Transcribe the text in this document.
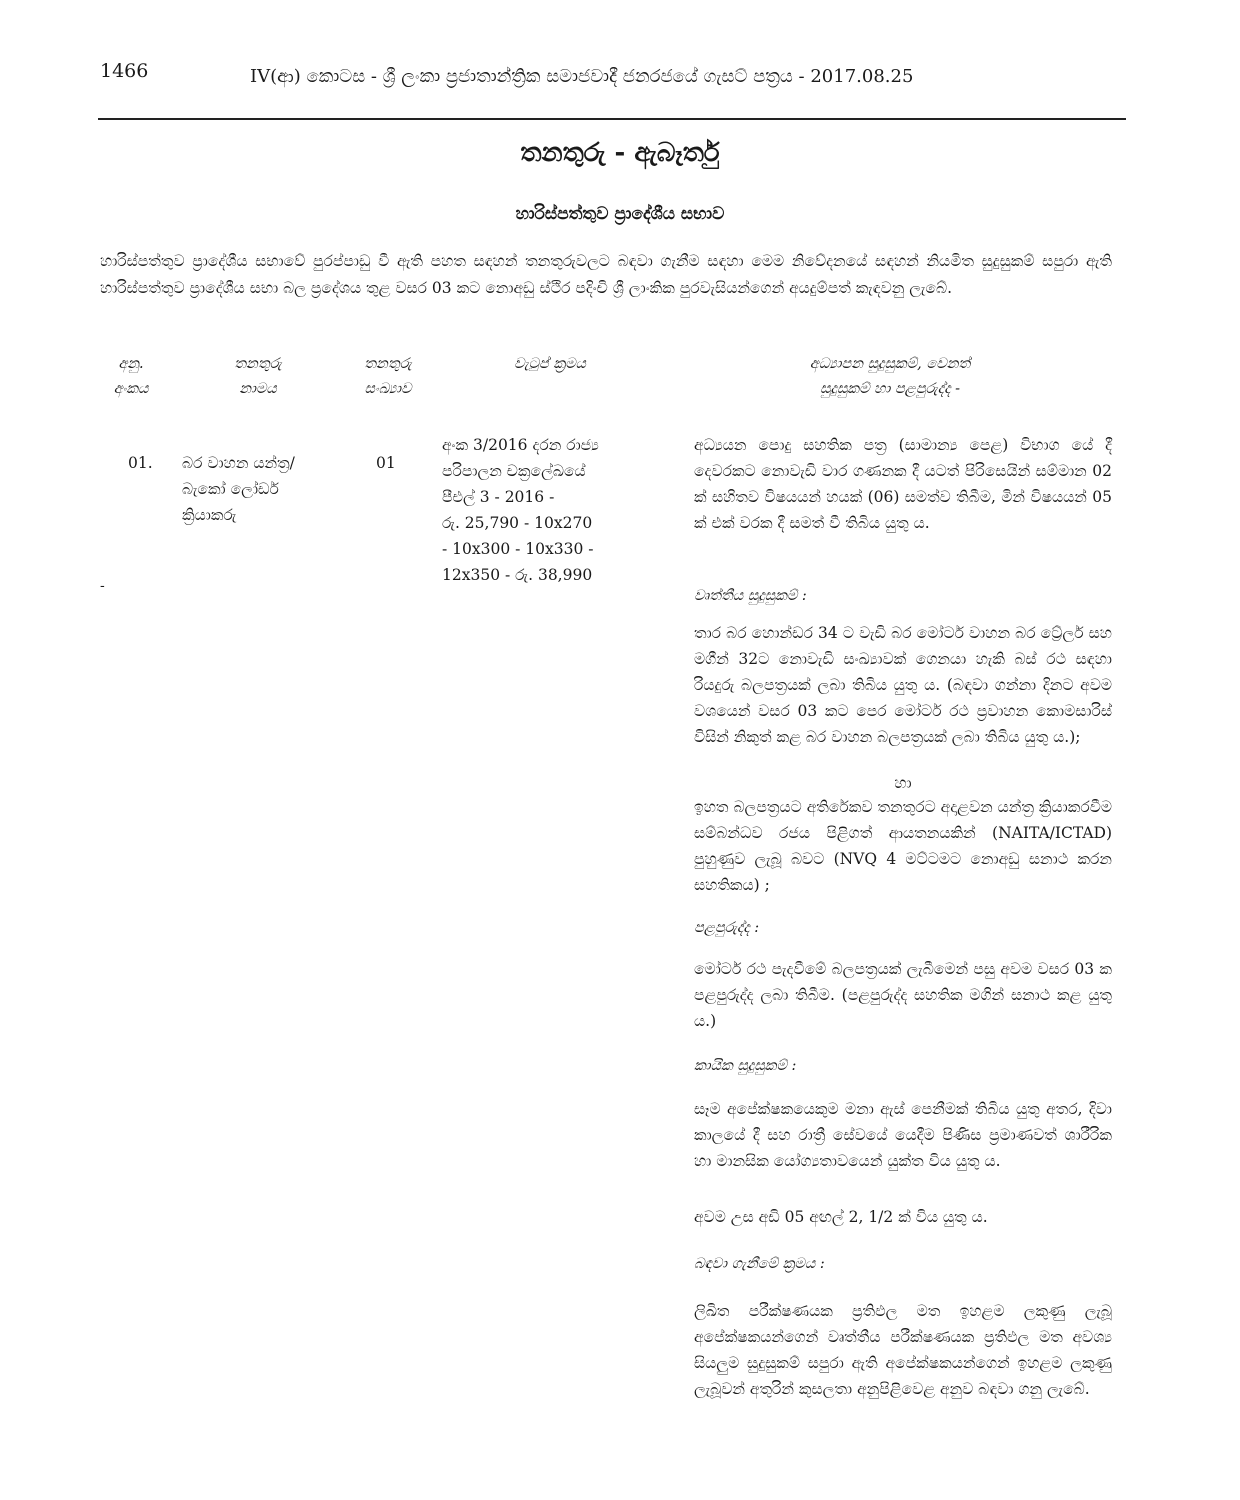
1466	IV(ආ) කොටස - ශ්‍රී ලංකා ප්‍රජාතාන්ත්‍රික සමාජවාදී ජනරජයේ ගැසට් පත්‍රය - 2017.08.25
තනතුරු - ඇබෑර්තු
හාරිස්පත්තුව ප්‍රාදේශීය සභාව
හාරිස්පත්තුව ප්‍රාදේශීය සභාවේ පුරප්පාඩු වී ඇති පහත සඳහන් තනතුරුවලට බඳවා ගැනීම සඳහා මෙම නිවේදනයේ සඳහන් නියමිත සුදුසුකම් සපුරා ඇති හාරිස්පත්තුව ප්‍රාදේශීය සභා බල ප්‍රදේශය තුළ වසර 03 කට නොඅඩු ස්ථිර පදිංචි ශ්‍රී ලාංකික පුරවැසියන්ගෙන් අයදුම්පත් කැඳවනු ලැබේ.
අනු.
අංකය
තනතුරු
නාමය
තනතුරු
සංඛ්‍යාව
වැටුප් ක්‍රමය	අධ්‍යාපන සුදුසුකම්, වෙනත්
සුදුසුකම් හා පළපුරුද්ද -
01. බර වාහන යන්ත්‍ර/
බැකෝ ලෝඩර්
ක්‍රියාකරු
01
අංක 3/2016 දරන රාජ්‍ය
පරිපාලන චක්‍රලේඛයේ
පීඑල් 3 - 2016 -
රු. 25,790 - 10x270
- 10x300 - 10x330 -
12x350 - රු. 38,990
-
අධ්‍යයන පොදු සහතික පත්‍ර (සාමාන්‍ය පෙළ) විභාග යේ දී දෙවරකට නොවැඩි වාර ගණනක දී යටත් පිරිසෙයින් සම්මාන 02 ක් සහිතව විෂයයන් හයක් (06) සමත්ව තිබීම, මින් විෂයයන් 05 ක් එක් වරක දී සමත් වී තිබිය යුතු ය.
වෘත්තීය සුදුසුකම් :
තාර බර හොන්ඩර 34 ට වැඩි බර මෝටර් වාහන බර ට්‍රේලර් සහ මගීන් 32ට නොවැඩි සංඛ්‍යාවක් ගෙනයා හැකි බස් රථ සඳහා රියදුරු බලපත්‍රයක් ලබා තිබිය යුතු ය. (බඳවා ගන්නා දිනට අවම වශයෙන් වසර 03 කට පෙර මෝටර් රථ ප්‍රවාහන කොමසාරිස් විසින් නිකුත් කළ බර වාහන බලපත්‍රයක් ලබා තිබිය යුතු ය.);
හා
ඉහත බලපත්‍රයට අතිරේකව තනතුරට අදාළවන යන්ත්‍ර ක්‍රියාකරවීම සම්බන්ධව රජය පිළිගත් ආයතනයකින් (NAITA/ICTAD) පුහුණුව ලැබූ බවට (NVQ 4 මට්ටමට නොඅඩු සනාථ කරන සහතිකය) ;
පළපුරුද්ද :
මෝටර් රථ පැදවීමේ බලපත්‍රයක් ලැබීමෙන් පසු අවම වසර 03 ක පළපුරුද්ද ලබා තිබීම. (පළපුරුද්ද සහතික මගින් සනාථ කළ යුතු ය.)
කායික සුදුසුකම් :
සෑම අපේක්ෂකයෙකුම මනා ඇස් පෙනීමක් තිබිය යුතු අතර, දිවා කාලයේ දී සහ රාත්‍රී සේවයේ යෙදීම පිණිස ප්‍රමාණවත් ශාරීරික හා මානසික යෝග්‍යතාවයෙන් යුක්ත විය යුතු ය.
අවම උස අඩි 05 අඟල් 2, 1/2 ක් විය යුතු ය.
බඳවා ගැනීමේ ක්‍රමය :
ලිඛිත පරීක්ෂණයක ප්‍රතිඵල මත ඉහළම ලකුණු ලැබූ අපේක්ෂකයන්ගෙන් වෘත්තීය පරීක්ෂණයක ප්‍රතිඵල මත අවශ්‍ය සියලුම සුදුසුකම් සපුරා ඇති අපේක්ෂකයන්ගෙන් ඉහළම ලකුණු ලැබූවන් අතුරින් කුසලතා අනුපිළිවෙළ අනුව බඳවා ගනු ලැබේ.
